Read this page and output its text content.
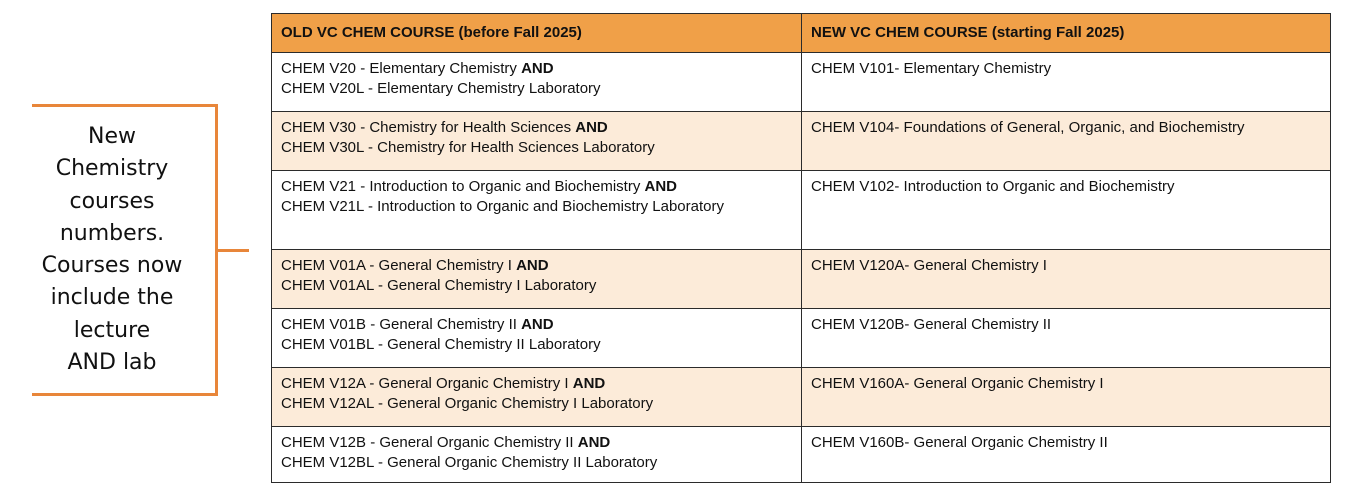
New
Chemistry
courses
numbers.
Courses now
include the
lecture
AND lab
OLD VC CHEM COURSE (before Fall 2025)	NEW VC CHEM COURSE (starting Fall 2025)

CHEM V20 - Elementary Chemistry AND
CHEM V20L - Elementary Chemistry Laboratory	CHEM V101- Elementary Chemistry

CHEM V30 - Chemistry for Health Sciences AND
CHEM V30L - Chemistry for Health Sciences Laboratory	CHEM V104- Foundations of General, Organic, and Biochemistry

CHEM V21 - Introduction to Organic and Biochemistry AND
CHEM V21L - Introduction to Organic and Biochemistry Laboratory	CHEM V102- Introduction to Organic and Biochemistry

CHEM V01A - General Chemistry I AND
CHEM V01AL - General Chemistry I Laboratory	CHEM V120A- General Chemistry I

CHEM V01B - General Chemistry II AND
CHEM V01BL - General Chemistry II Laboratory	CHEM V120B- General Chemistry II

CHEM V12A - General Organic Chemistry I AND
CHEM V12AL - General Organic Chemistry I Laboratory	CHEM V160A- General Organic Chemistry I

CHEM V12B - General Organic Chemistry II AND
CHEM V12BL - General Organic Chemistry II Laboratory	CHEM V160B- General Organic Chemistry II
